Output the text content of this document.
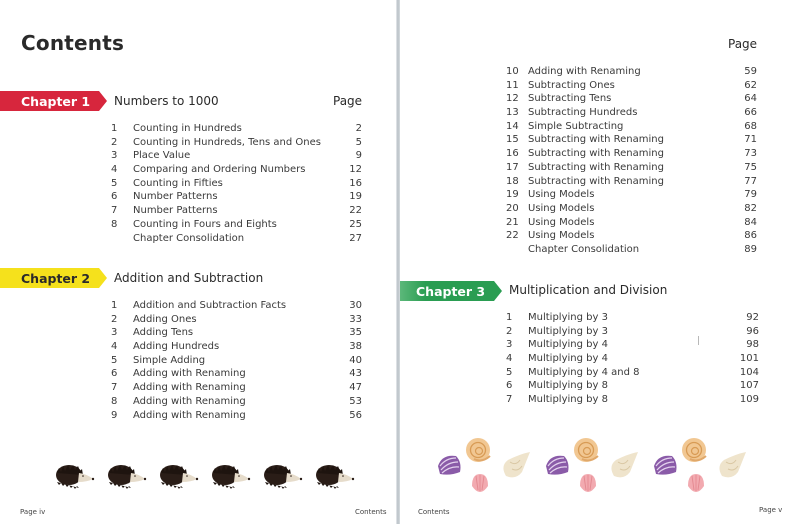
Contents
Chapter 1 Numbers to 1000	Page
1 Counting in Hundreds	2
2 Counting in Hundreds, Tens and Ones	5
3 Place Value	9
4 Comparing and Ordering Numbers	12
5 Counting in Fifties	16
6 Number Patterns	19
7 Number Patterns	22
8 Counting in Fours and Eights	25
Chapter Consolidation	27
Chapter 2 Addition and Subtraction
1 Addition and Subtraction Facts	30
2 Adding Ones	33
3 Adding Tens	35
4 Adding Hundreds	38
5 Simple Adding	40
6 Adding with Renaming	43
7 Adding with Renaming	47
8 Adding with Renaming	53
9 Adding with Renaming	56
Page iv	Contents
Page
10 Adding with Renaming	59
11 Subtracting Ones	62
12 Subtracting Tens	64
13 Subtracting Hundreds	66
14 Simple Subtracting	68
15 Subtracting with Renaming	71
16 Subtracting with Renaming	73
17 Subtracting with Renaming	75
18 Subtracting with Renaming	77
19 Using Models	79
20 Using Models	82
21 Using Models	84
22 Using Models	86
Chapter Consolidation	89
Chapter 3 Multiplication and Division
1 Multiplying by 3	92
2 Multiplying by 3	96
3 Multiplying by 4	98
4 Multiplying by 4	101
5 Multiplying by 4 and 8	104
6 Multiplying by 8	107
7 Multiplying by 8	109
Contents	Page v
